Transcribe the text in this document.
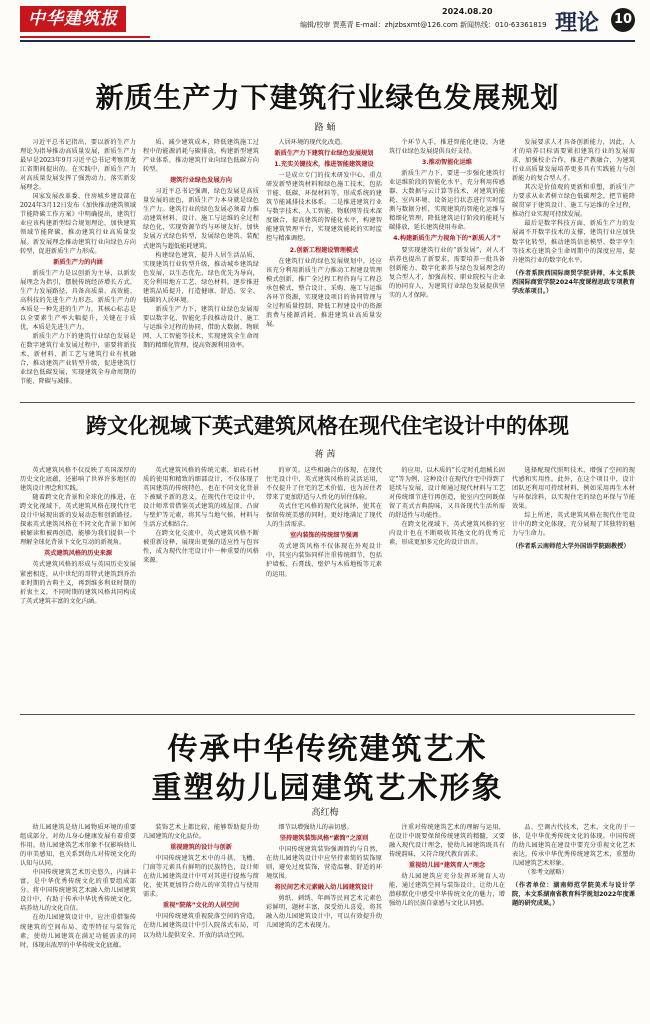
中华建筑报	2024.08.20
编辑/校审 贾燕青 E-mail：zhjzbsxmt@126.com 新闻热线：010-63361819 理论 10
新质生产力下建筑行业绿色发展规划
路 蛹

习近平总书记指出，要以新的生产力理论为指导推动高质量发展，新质生产力最早是2023年9月习近平总书记考察黑龙江省期间提出的。在实践中，新质生产力对高质量发展发挥了强劲动力，落实新发展理念。

国家发展改革委、住房城乡建设部在2024年3月12日发布《加快推动建筑领域节能降碳工作方案》中明确提出，建筑行业应该构建新型综合规划理论，加快建筑领域节能降碳，推动建筑行业高质量发展。新发展理念推动建筑行业向绿色方向转型，促进新质生产力形成。

新质生产力的内涵

新质生产力是以创新为主导，以新发展理念为指引，摆脱传统经济增长方式、生产力发展路径，具备高质量、高效能、高科技的先进生产力形态。新质生产力的本质是一种先进的生产力，其核心标志是以全要素生产率大幅提升，关键在于质优，本质是先进生产力。

新质生产力下的建筑行业绿色发展是在数字建筑行业发展过程中，需要将新技术、新材料、新工艺与建筑行业有机融合，推动建筑产业转型升级，促进建筑行业绿色低碳发展，实现建筑全寿命周期的节能、降碳与减排。

质、减少建筑成本，降低建筑施工过程中的能源消耗与碳排放，构建新型建筑产业体系，推动建筑行业向绿色低碳方向转型。

建筑行业绿色发展方向

习近平总书记强调，绿色发展是高质量发展的底色，新质生产力本身就是绿色生产力。建筑行业的绿色发展必须着力推动建筑材料、设计、施工与运维的全过程绿色化，实现资源节约与环境友好，加快发展方式绿色转型，发展绿色建筑、装配式建筑与超低能耗建筑。

构建绿色建筑，提升人居生活品质，实现建筑行业转型升级，推动城乡建筑绿色发展，以生态优先、绿色优先为导向，充分利用地方工艺、绿色材料，逐步推进建筑品质提升，打造健康、舒适、安全、低碳的人居环境。

新质生产力下，建筑行业绿色发展需要以数字化、智能化手段推动设计、施工与运维全过程的协同，借助大数据、物联网、人工智能等技术，实现建筑全生命周期的精细化管理，提高资源利用效率。

人居环境的现代化改造。

新质生产力下建筑行业绿色发展规划

1.充实关键技术，推进智能建筑建设

一是成立专门的技术研发中心，重点研发新型建筑材料和绿色施工技术，包括节能、低碳、环保材料等，形成系统的建筑节能减排技术体系。二是推进建筑行业与数字技术、人工智能、物联网等技术深度融合，提高建筑的智能化水平，构建智能建筑管理平台，实现建筑能耗的实时监控与精准调控。

2.创新工程建设管理模式

在建筑行业的绿色发展规划中，还应该充分利用新质生产力推动工程建设管理模式创新，推广全过程工程咨询与工程总承包模式，整合设计、采购、施工与运维各环节资源，实现建设项目的协同管理与全过程质量控制，降低工程建设中的资源浪费与能源消耗，推进建筑业高质量发展。

个环节入手，推进智能化建设，为建筑行业绿色发展提供良好支持。

3.推动智能化运维

新质生产力下，要进一步强化建筑行业运维阶段的智能化水平，充分利用传感器、大数据与云计算等技术，对建筑的能耗、室内环境、设备运行状态进行实时监测与数据分析，实现建筑的智能化运维与精细化管理，降低建筑运行阶段的能耗与碳排放，延长建筑使用寿命。

4.构建新质生产力视角下的“新质人才”

要实现建筑行业的“新发展”，对人才培养也提出了新要求，需要培养一批具备创新能力、数字化素养与绿色发展理念的复合型人才，加强高校、职业院校与企业的协同育人，为建筑行业绿色发展提供坚实的人才保障。

发展要求人才具备创新能力，因此，人才的培养目标需要紧扣建筑行业的发展需求，加强校企合作，推进产教融合，为建筑行业高质量发展培养更多具有实践能力与创新能力的复合型人才。

其次是价值观的更新和重塑，新质生产力要求从业者树立绿色低碳理念，把节能降碳贯穿于建筑设计、施工与运维的全过程，推动行业实现可持续发展。

最后是数字科技方面，新质生产力的发展离不开数字技术的支撑，建筑行业应加快数字化转型，推动建筑信息模型、数字孪生等技术在建筑全生命周期中的深度应用，提升建筑行业的数字化水平。

（作者系陕西国际商贸学院讲师，本文系陕西国际商贸学院2024年度课程思政专项教育学改革项目。）

跨文化视域下英式建筑风格在现代住宅设计中的体现
蒋 茜

英式建筑风格不仅反映了英国深厚的历史文化底蕴，还影响了世界许多地区的建筑设计理念和实践。

随着跨文化背景和全球化的推进，在跨文化视域下，英式建筑风格在现代住宅设计中展现出新的发展动态和创新路径。探索英式建筑风格在不同文化背景下如何被解读和被再创造，能够为我们提供一个理解全球化背景下文化互动的新视角。

英式建筑风格的历史来源

英式建筑风格的形成与英国历史发展紧密相连，从中世纪的哥特式建筑到乔治亚时期的古典主义，再到维多利亚时期的折衷主义，不同时期的建筑风格共同构成了英式建筑丰富的文化内涵。

英式建筑风格的传统元素，如砖石材质的使用和精致的细部设计，不仅体现了英国建筑的传统特色，也在不同文化背景下被赋予新的意义。在现代住宅设计中，设计师常常借鉴英式建筑的坡屋顶、凸窗与壁炉等元素，将其与当地气候、材料与生活方式相结合。

在跨文化交流中，英式建筑风格不断被重新诠释，展现出更强的适应性与包容性，成为现代住宅设计中一种重要的风格来源。

的审美。这些相融合的体现，在现代住宅设计中，英式建筑风格的灵活运用，不仅提升了住宅的艺术价值，也为居住者带来了更加舒适与人性化的居住体验。

英式住宅风格的现代化演绎，使其在保留传统美感的同时，更好地满足了现代人的生活需求。

室内装饰的传统细节强调

英式建筑风格不仅体现在外观设计中，其室内装饰同样注重传统细节，包括护墙板、石膏线、壁炉与木质地板等元素的运用。

的应用，以木质的“长定时孔组械长固定”等为例，这种设计在现代住宅中得到了延续与发展，设计师通过现代材料与工艺对传统细节进行再创造，使室内空间既保留了英式古典韵味，又具备现代生活所需的舒适性与功能性。

在跨文化视域下，英式建筑风格的室内设计也在不断吸收其他文化的优秀元素，形成更加多元化的设计语言。

选择配现代照明技术，增强了空间的现代感和实用性。此外，在这个项目中，设计团队还利用可持续材料，例如采用再生木材与环保涂料，以实现住宅的绿色环保与节能效果。

综上所述，英式建筑风格在现代住宅设计中的跨文化体现，充分展现了其独特的魅力与生命力。

（作者系云南师范大学外国语学院副教授）

传承中华传统建筑艺术
重塑幼儿园建筑艺术形象
高红梅

幼儿园建筑是幼儿园物质环境的重要组成部分，对幼儿身心健康发展有着重要作用。幼儿园建筑艺术形象不仅影响幼儿的审美感知，也关系到幼儿对传统文化的认知与认同。

中国传统建筑艺术历史悠久，内涵丰富，是中华优秀传统文化的重要组成部分。将中国传统建筑艺术融入幼儿园建筑设计中，有助于传承中华优秀传统文化，培养幼儿的文化自信。

在幼儿园建筑设计中，应注重借鉴传统建筑的空间布局、造型特征与装饰元素，使幼儿园建筑在满足功能需求的同时，体现出浓厚的中华传统文化底蕴。

装饰艺术上都比较，能够帮助提升幼儿园建筑的文化品位。

重视建筑的设计与创新

中国传统建筑艺术中的斗拱、飞檐、门窗等元素具有鲜明的民族特色，设计师在幼儿园建筑设计中可对其进行提炼与简化，使其更加符合幼儿的审美特点与使用需求。

重视“院落”文化的人居空间

中国传统建筑重视院落空间的营造，在幼儿园建筑设计中引入院落式布局，可以为幼儿提供安全、开放的活动空间。

细节以增强幼儿的亲切感。

坚持建筑装饰风格“素简”之原则

中国传统建筑装饰强调简约与自然，在幼儿园建筑设计中应坚持素简的装饰原则，避免过度装饰，营造温馨、舒适的环境氛围。

将民间艺术元素融入幼儿园建筑设计

剪纸、刺绣、年画等民间艺术元素色彩鲜明、题材丰富，深受幼儿喜爱，将其融入幼儿园建筑设计中，可以有效提升幼儿园建筑的艺术表现力。

注重对传统建筑艺术的理解与运用，在设计中既要保留传统建筑的精髓，又要融入现代设计理念，使幼儿园建筑既具有传统韵味，又符合现代教育需求。

重视幼儿园“建筑育人”理念

幼儿园建筑应充分发挥环境育人功能，通过建筑空间与装饰设计，让幼儿在潜移默化中感受中华传统文化的魅力，增强幼儿的民族自豪感与文化认同感。

品、空调古代技术，艺术，文化的于一体，是中华优秀传统文化的体现。中国传统的幼儿园建筑在建设中要充分重视文化艺术表达，传承中华优秀传统建筑艺术，重塑幼儿园建筑艺术形象。

（参考文献略）

（作者单位：湖南师范学院美术与设计学院，本文系湖南省教育科学规划2022年度课题的研究成果。）
